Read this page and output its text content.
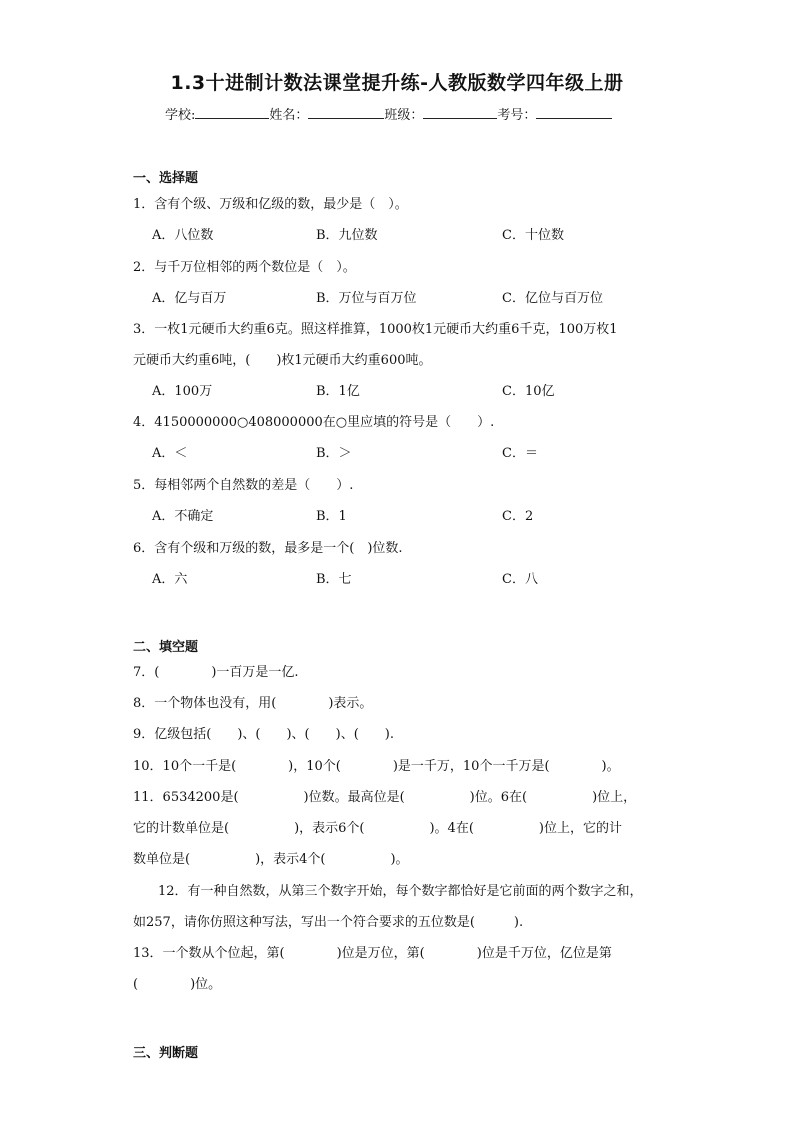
1.3十进制计数法课堂提升练-人教版数学四年级上册
学校:	姓名：	班级：	考号：
一、选择题
1．含有个级、万级和亿级的数，最少是（　）。
A．八位数	B．九位数	C．十位数
2．与千万位相邻的两个数位是（　）。
A．亿与百万	B．万位与百万位	C．亿位与百万位
3．一枚1元硬币大约重6克。照这样推算，1000枚1元硬币大约重6千克，100万枚1
元硬币大约重6吨，(　　)枚1元硬币大约重600吨。
A．100万	B．1亿	C．10亿
4．4150000000○408000000在○里应填的符号是（　　）.
A．＜	B．＞	C．＝
5．每相邻两个自然数的差是（　　）.
A．不确定	B．1	C．2
6．含有个级和万级的数，最多是一个(　)位数.
A．六	B．七	C．八
二、填空题
7．(　　　　)一百万是一亿.
8．一个物体也没有，用(　　　　)表示。
9．亿级包括(　　)、(　　)、(　　)、(　　).
10．10个一千是(　　　　)，10个(　　　　)是一千万，10个一千万是(　　　　)。
11．6534200是(　　　　　)位数。最高位是(　　　　　)位。6在(　　　　　)位上，
它的计数单位是(　　　　　)，表示6个(　　　　　)。4在(　　　　　)位上，它的计
数单位是(　　　　　)，表示4个(　　　　　)。
12．有一种自然数，从第三个数字开始，每个数字都恰好是它前面的两个数字之和，
如257，请你仿照这种写法，写出一个符合要求的五位数是(　　　).
13．一个数从个位起，第(　　　　)位是万位，第(　　　　)位是千万位，亿位是第
(　　　　)位。
三、判断题
